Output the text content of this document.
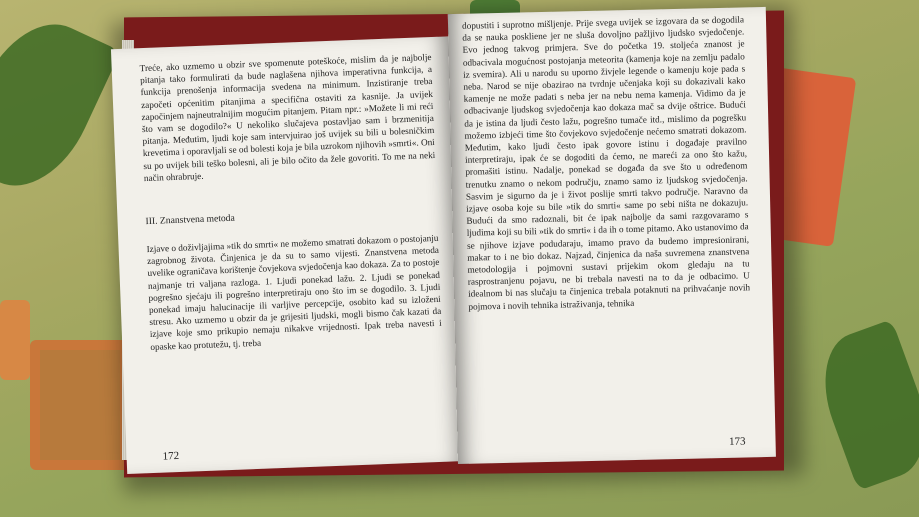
Treće, ako uzmemo u obzir sve spomenute poteškoće, mislim da je najbolje pitanja tako formulirati da bude naglašena njihova imperativna funkcija, a funkcija prenošenja informacija svedena na minimum. Inzistiranje treba započeti općenitim pitanjima a specifična ostaviti za kasnije. Ja uvijek započinjem najneutralnijim mogućim pitanjem. Pitam npr.: »Možete li mi reći što vam se dogodilo?« U nekoliko slučajeva postavljao sam i brzmenitija pitanja. Međutim, ljudi koje sam intervjuirao još uvijek su bili u bolesničkim krevetima i oporavljali se od bolesti koja je bila uzrokom njihovih »smrti«. Oni su po uvijek bili teško bolesni, ali je bilo očito da žele govoriti. To me na neki način ohrabruje.
III. Znanstvena metoda
Izjave o doživljajima »tik do smrti« ne možemo smatrati dokazom o postojanju zagrobnog života. Činjenica je da su to samo vijesti. Znanstvena metoda uvelike ograničava korištenje čovjekova svjedočenja kao dokaza. Za to postoje najmanje tri valjana razloga. 1. Ljudi ponekad lažu. 2. Ljudi se ponekad pogrešno sjećaju ili pogrešno interpretiraju ono što im se dogodilo. 3. Ljudi ponekad imaju halucinacije ili varljive percepcije, osobito kad su izloženi stresu. Ako uzmemo u obzir da je grijesiti ljudski, mogli bismo čak kazati da izjave koje smo prikupio nemaju nikakve vrijednosti. Ipak treba navesti i opaske kao protutežu, tj. treba
172
dopustiti i suprotno mišljenje. Prije svega uvijek se izgovara da se dogodila da se nauka poskliene jer ne sluša dovoljno pažljivo ljudsko svjedočenje. Evo jednog takvog primjera. Sve do početka 19. stoljeća znanost je odbacivala mogućnost postojanja meteorita (kamenja koje na zemlju padalo iz svemira). Ali u narodu su uporno živjele legende o kamenju koje pada s neba. Narod se nije obazirao na tvrdnje učenjaka koji su dokazivali kako kamenje ne može padati s neba jer na nebu nema kamenja. Vidimo da je odbacivanje ljudskog svjedočenja kao dokaza mač sa dvije oštrice. Budući da je istina da ljudi često lažu, pogrešno tumače itd., mislimo da pogrešku možemo izbjeći time što čovjekovo svjedočenje nećemo smatrati dokazom. Međutim, kako ljudi često ipak govore istinu i događaje pravilno interpretiraju, ipak će se dogoditi da ćemo, ne mareći za ono što kažu, promašiti istinu. Nadalje, ponekad se događa da sve što u određenom trenutku znamo o nekom području, znamo samo iz ljudskog svjedočenja. Sasvim je sigurno da je i život poslije smrti takvo područje. Naravno da izjave osoba koje su bile »tik do smrti« same po sebi ništa ne dokazuju. Budući da smo radoznali, bit će ipak najbolje da sami razgovaramo s ljudima koji su bili »tik do smrti« i da ih o tome pitamo. Ako ustanovimo da se njihove izjave podudaraju, imamo pravo da budemo impresionirani, makar to i ne bio dokaz. Najzad, činjenica da naša suvremena znanstvena metodologija i pojmovni sustavi prijekim okom gledaju na tu rasprostranjenu pojavu, ne bi trebala navesti na to da je odbacimo. U idealnom bi nas slučaju ta činjenica trebala potaknuti na prihvaćanje novih pojmova i novih tehnika istraživanja, tehnika
173
